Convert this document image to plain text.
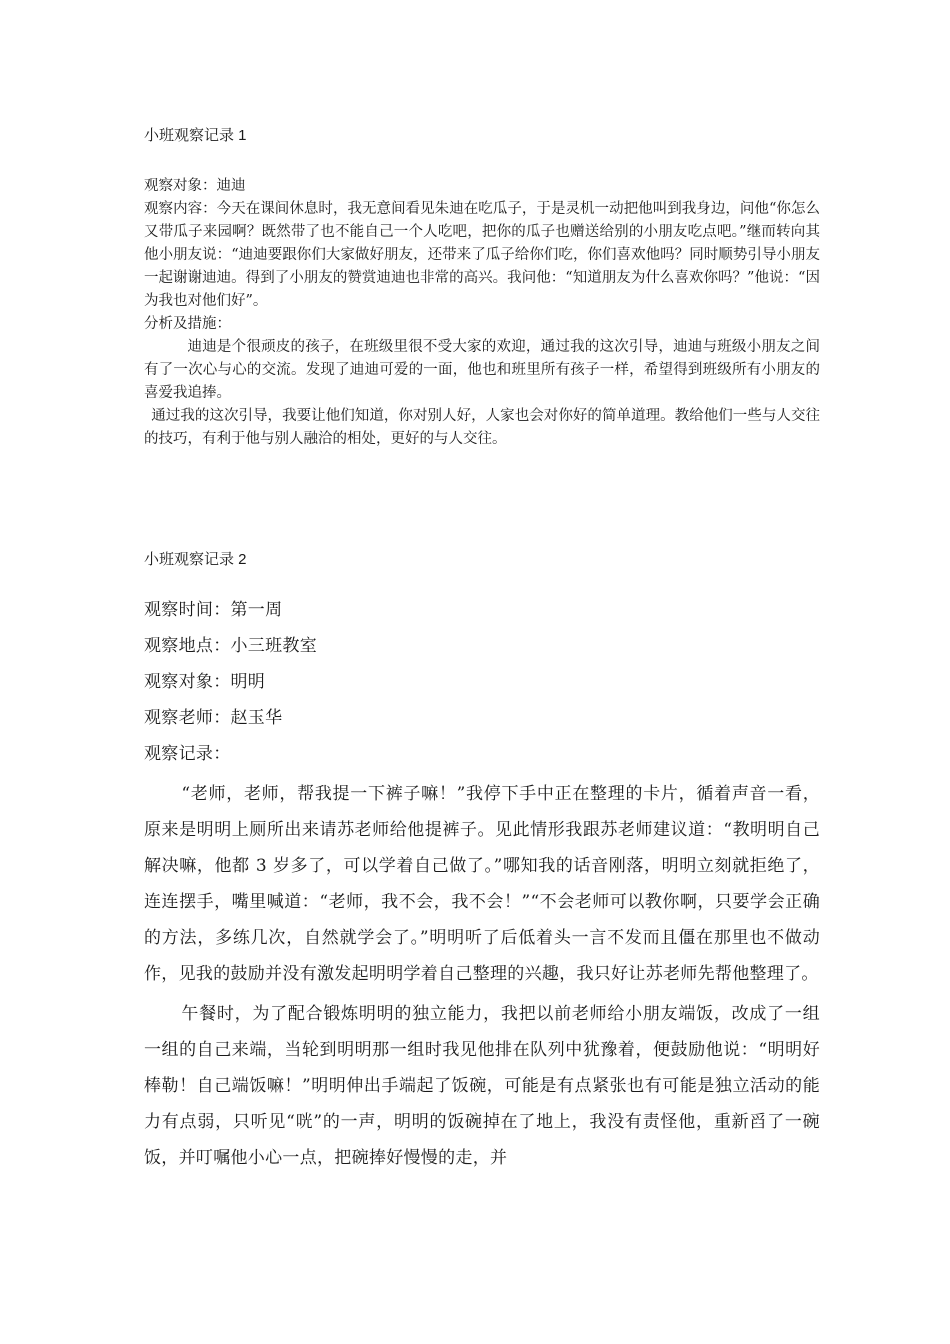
小班观察记录 1

观察对象：迪迪

观察内容：今天在课间休息时，我无意间看见朱迪在吃瓜子，于是灵机一动把他叫到我身边，问他“你怎么又带瓜子来园啊？既然带了也不能自己一个人吃吧，把你的瓜子也赠送给别的小朋友吃点吧。”继而转向其他小朋友说：“迪迪要跟你们大家做好朋友，还带来了瓜子给你们吃，你们喜欢他吗？同时顺势引导小朋友一起谢谢迪迪。得到了小朋友的赞赏迪迪也非常的高兴。我问他：“知道朋友为什么喜欢你吗？”他说：“因为我也对他们好”。

分析及措施：

迪迪是个很顽皮的孩子，在班级里很不受大家的欢迎，通过我的这次引导，迪迪与班级小朋友之间有了一次心与心的交流。发现了迪迪可爱的一面，他也和班里所有孩子一样，希望得到班级所有小朋友的喜爱我追捧。

通过我的这次引导，我要让他们知道，你对别人好，人家也会对你好的简单道理。教给他们一些与人交往的技巧，有利于他与别人融洽的相处，更好的与人交往。

小班观察记录 2

观察时间：第一周

观察地点：小三班教室

观察对象：明明

观察老师：赵玉华

观察记录：

“老师，老师，帮我提一下裤子嘛！”我停下手中正在整理的卡片，循着声音一看，原来是明明上厕所出来请苏老师给他提裤子。见此情形我跟苏老师建议道：“教明明自己解决嘛，他都 3 岁多了，可以学着自己做了。”哪知我的话音刚落，明明立刻就拒绝了，连连摆手，嘴里喊道：“老师，我不会，我不会！”“不会老师可以教你啊，只要学会正确的方法，多练几次，自然就学会了。”明明听了后低着头一言不发而且僵在那里也不做动作，见我的鼓励并没有激发起明明学着自己整理的兴趣，我只好让苏老师先帮他整理了。

午餐时，为了配合锻炼明明的独立能力，我把以前老师给小朋友端饭，改成了一组一组的自己来端，当轮到明明那一组时我见他排在队列中犹豫着，便鼓励他说：“明明好棒勒！自己端饭嘛！”明明伸出手端起了饭碗，可能是有点紧张也有可能是独立活动的能力有点弱，只听见“咣”的一声，明明的饭碗掉在了地上，我没有责怪他，重新舀了一碗饭，并叮嘱他小心一点，把碗捧好慢慢的走，并
